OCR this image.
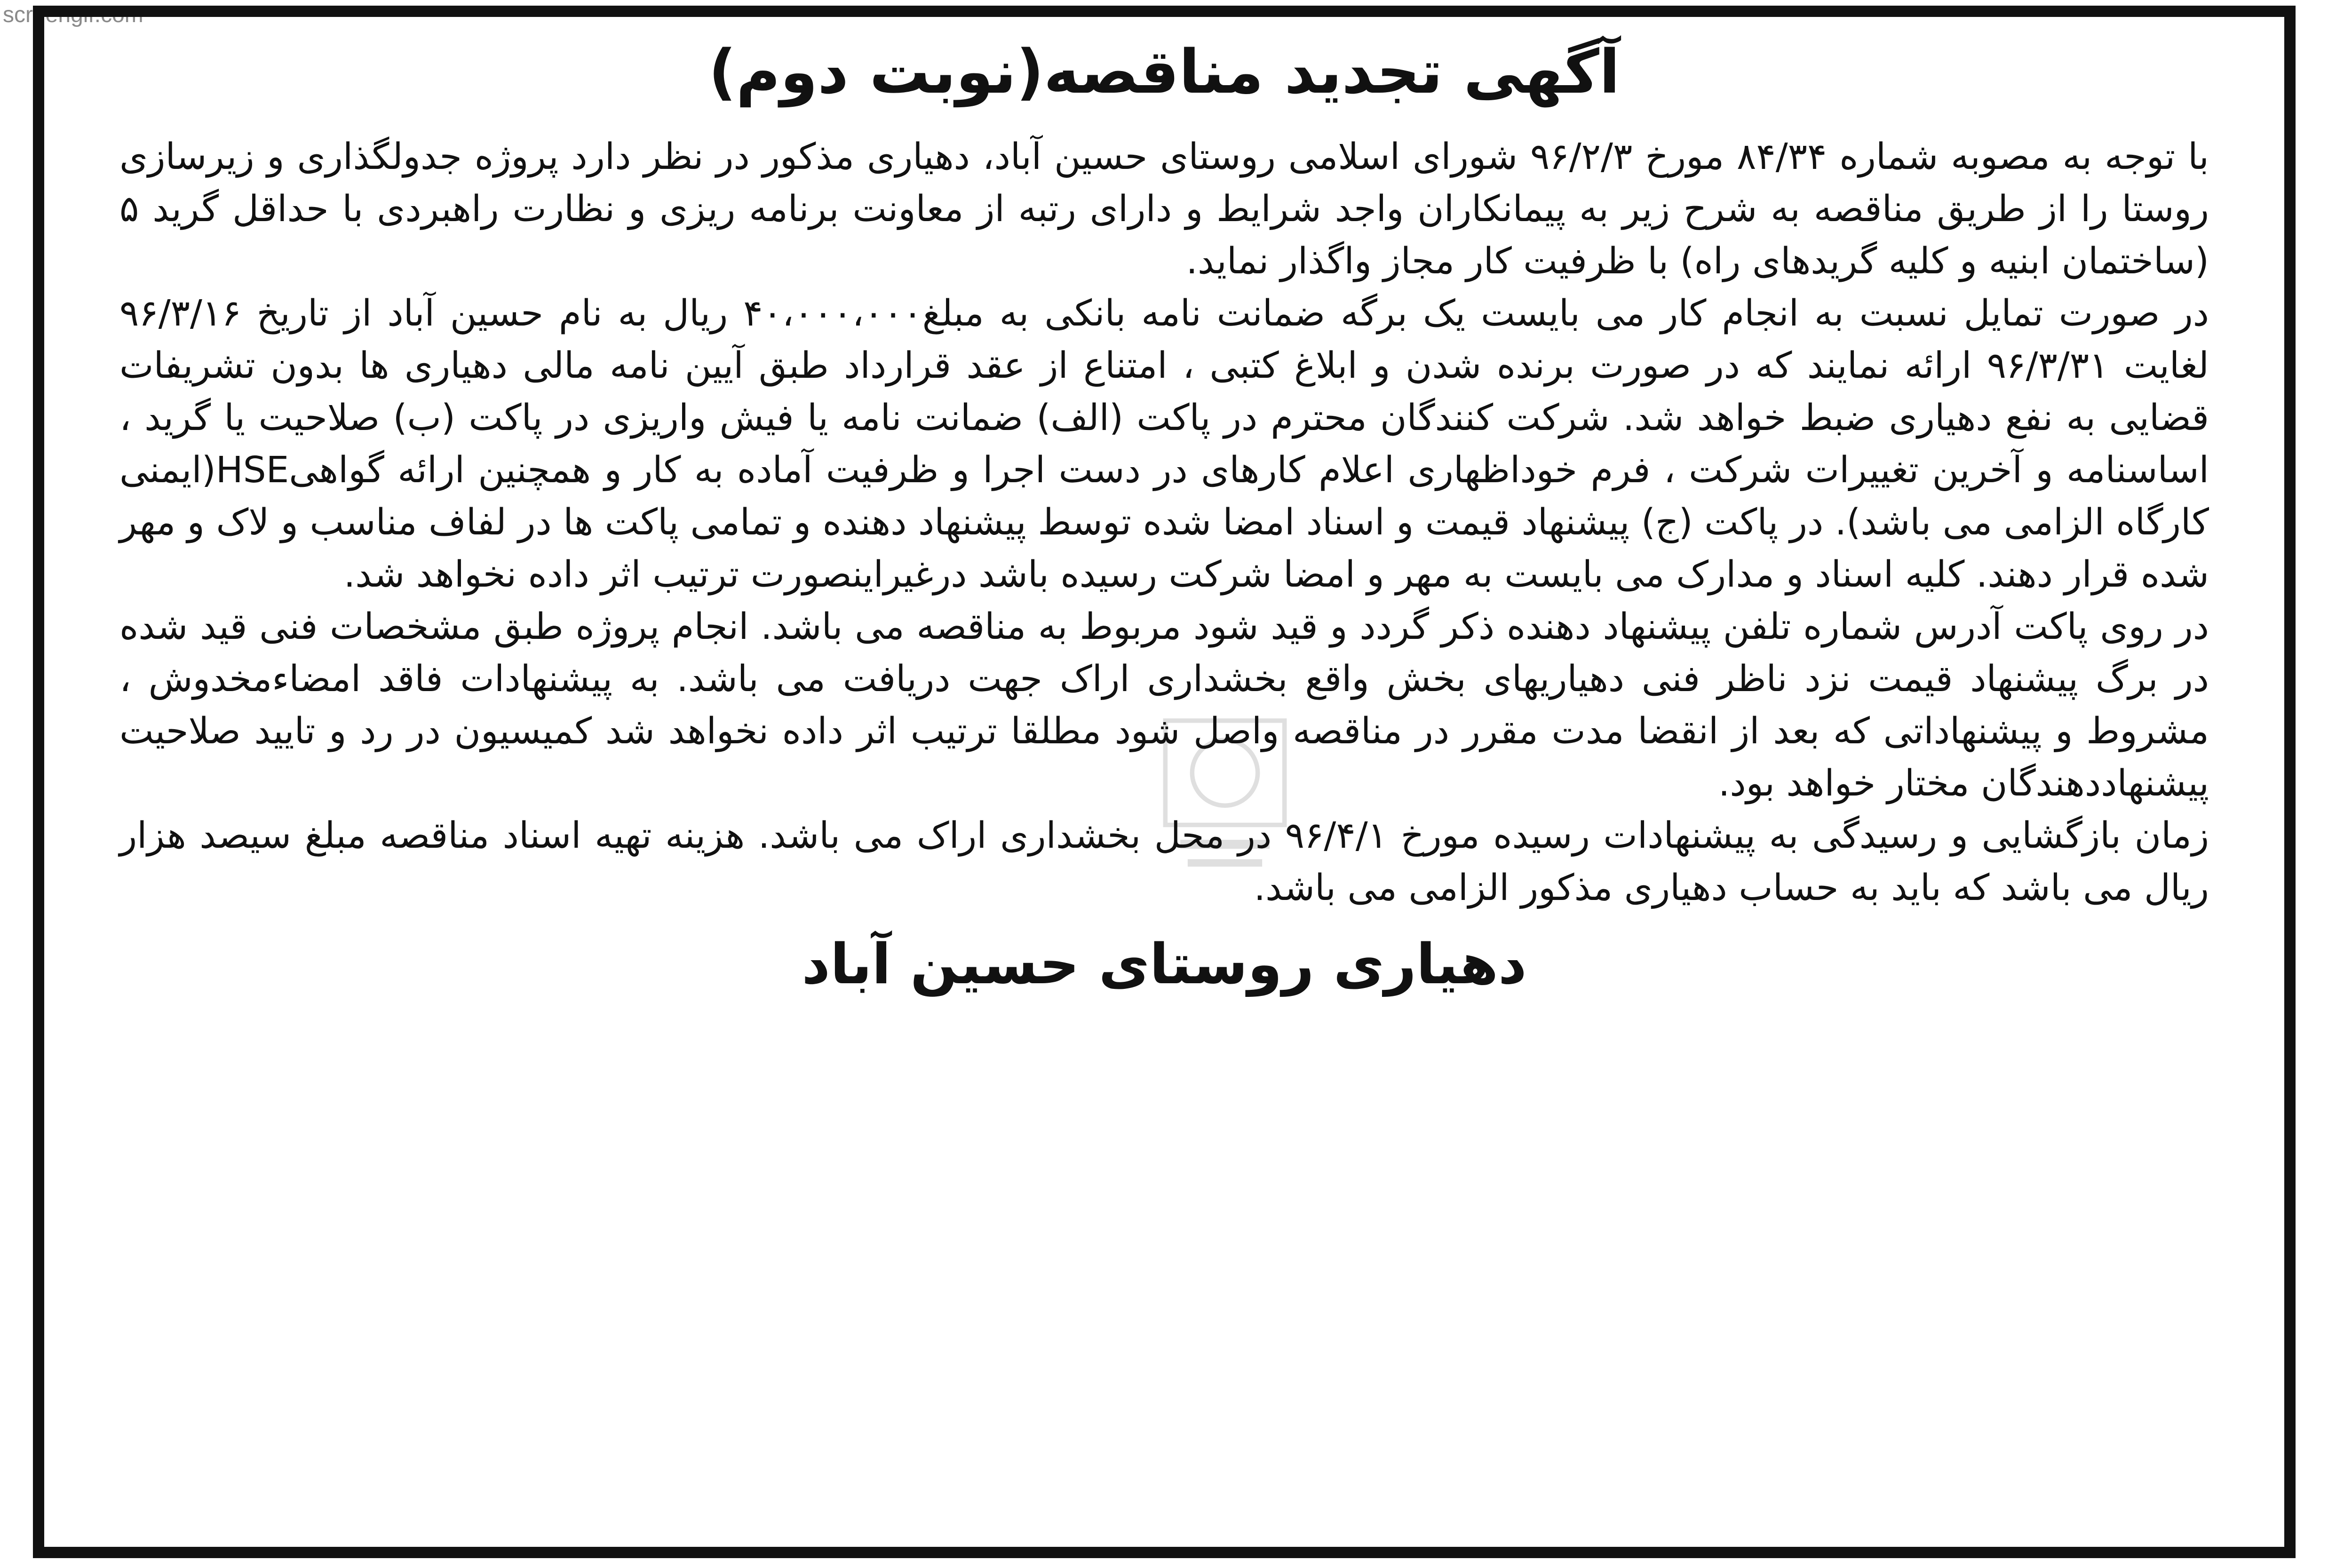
screengif.com
آگهی تجدید مناقصه(نوبت دوم)

با توجه به مصوبه شماره ۸۴/۳۴ مورخ ۹۶/۲/۳ شورای اسلامی روستای حسین آباد، دهیاری مذکور در نظر دارد پروژه جدولگذاری و زیرسازی روستا را از طریق مناقصه به شرح زیر به پیمانکاران واجد شرایط و دارای رتبه از معاونت برنامه ریزی و نظارت راهبردی با حداقل گرید ۵ (ساختمان ابنیه و کلیه گریدهای راه) با ظرفیت کار مجاز واگذار نماید.

در صورت تمایل نسبت به انجام کار می بایست یک برگه ضمانت نامه بانکی به مبلغ۴۰،۰۰۰،۰۰۰ ریال به نام حسین آباد از تاریخ ۹۶/۳/۱۶ لغایت ۹۶/۳/۳۱ ارائه نمایند که در صورت برنده شدن و ابلاغ کتبی ، امتناع از عقد قرارداد طبق آیین نامه مالی دهیاری ها بدون تشریفات قضایی به نفع دهیاری ضبط خواهد شد. شرکت کنندگان محترم در پاکت (الف) ضمانت نامه یا فیش واریزی در پاکت (ب) صلاحیت یا گرید ، اساسنامه و آخرین تغییرات شرکت ، فرم خوداظهاری اعلام کارهای در دست اجرا و ظرفیت آماده به کار و همچنین ارائه گواهیHSE(ایمنی کارگاه الزامی می باشد). در پاکت (ج) پیشنهاد قیمت و اسناد امضا شده توسط پیشنهاد دهنده و تمامی پاکت ها در لفاف مناسب و لاک و مهر شده قرار دهند. کلیه اسناد و مدارک می بایست به مهر و امضا شرکت رسیده باشد درغیراینصورت ترتیب اثر داده نخواهد شد.

در روی پاکت آدرس شماره تلفن پیشنهاد دهنده ذکر گردد و قید شود مربوط به مناقصه می باشد. انجام پروژه طبق مشخصات فنی قید شده در برگ پیشنهاد قیمت نزد ناظر فنی دهیاریهای بخش واقع بخشداری اراک جهت دریافت می باشد. به پیشنهادات فاقد امضاءمخدوش ، مشروط و پیشنهاداتی که بعد از انقضا مدت مقرر در مناقصه واصل شود مطلقا ترتیب اثر داده نخواهد شد کمیسیون در رد و تایید صلاحیت پیشنهاددهندگان مختار خواهد بود.

زمان بازگشایی و رسیدگی به پیشنهادات رسیده مورخ ۹۶/۴/۱ در محل بخشداری اراک می باشد. هزینه تهیه اسناد مناقصه مبلغ سیصد هزار ریال می باشد که باید به حساب دهیاری مذکور الزامی می باشد.

دهیاری روستای حسین آباد
